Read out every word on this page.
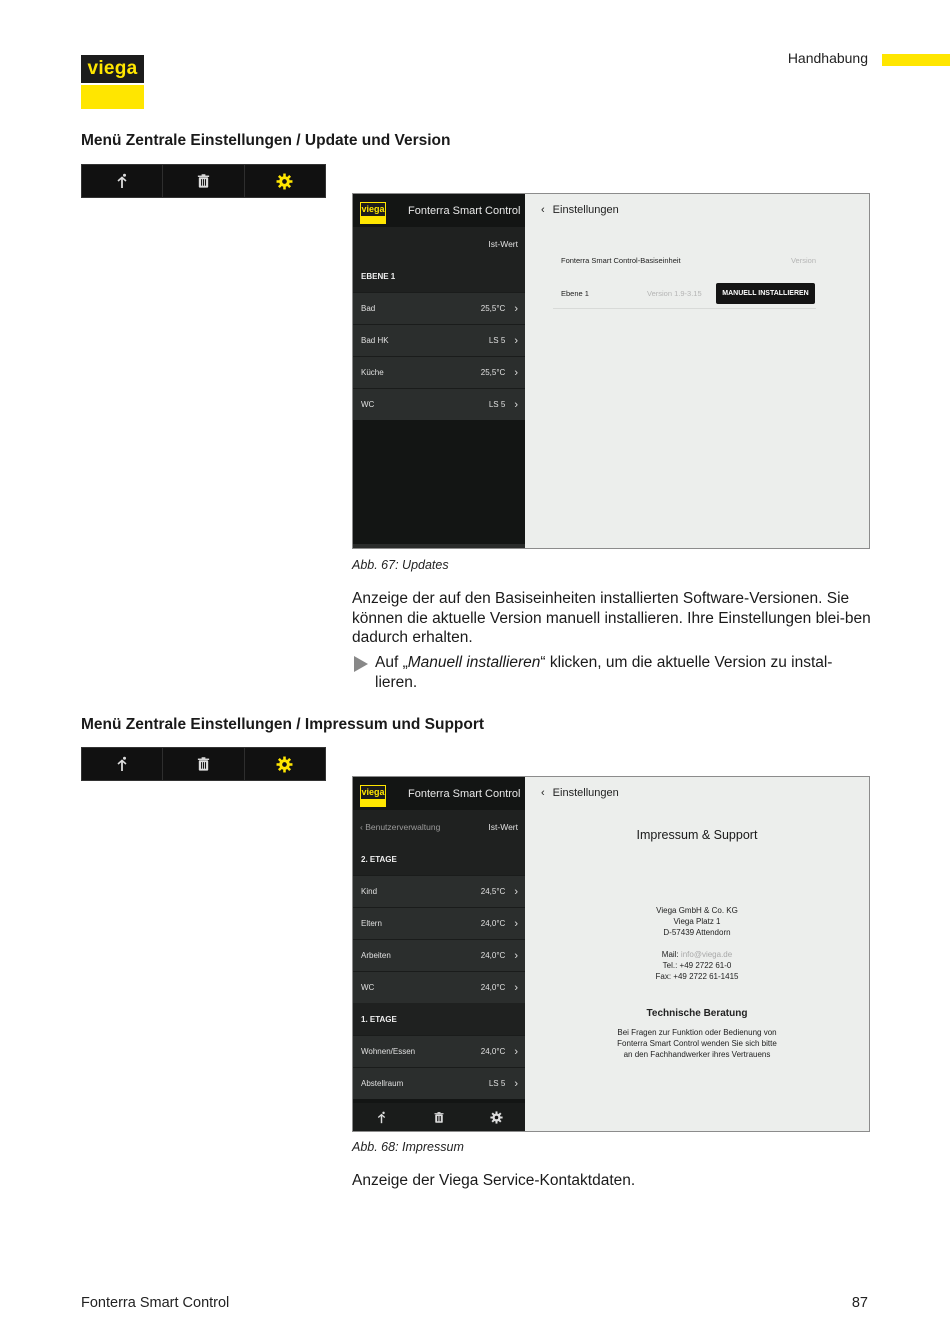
viega	Handhabung
Menü Zentrale Einstellungen / Update und Version
viega Fonterra Smart Control
Ist-Wert
EBENE 1
Bad	25,5°C ›
Bad HK	LS 5 ›
Küche	25,5°C ›
WC	LS 5 ›
‹ Einstellungen
Fonterra Smart Control-Basiseinheit	Version
Ebene 1	Version 1.9-3.15	MANUELL INSTALLIEREN
Abb. 67: Updates
Anzeige der auf den Basiseinheiten installierten Software-Versionen. Sie können die aktuelle Version manuell installieren. Ihre Einstellungen blei-ben dadurch erhalten.
Auf „Manuell installieren“ klicken, um die aktuelle Version zu instal-lieren.
Menü Zentrale Einstellungen / Impressum und Support
viega Fonterra Smart Control
‹ Benutzerverwaltung	Ist-Wert
2. ETAGE
Kind	24,5°C ›
Eltern	24,0°C ›
Arbeiten	24,0°C ›
WC	24,0°C ›
1. ETAGE
Wohnen/Essen	24,0°C ›
Abstellraum	LS 5 ›
‹ Einstellungen
Impressum & Support
Viega GmbH & Co. KG
Viega Platz 1
D-57439 Attendorn
Mail: info@viega.de
Tel.: +49 2722 61-0
Fax: +49 2722 61-1415
Technische Beratung
Bei Fragen zur Funktion oder Bedienung von
Fonterra Smart Control wenden Sie sich bitte
an den Fachhandwerker ihres Vertrauens
Abb. 68: Impressum
Anzeige der Viega Service-Kontaktdaten.
Fonterra Smart Control	87
